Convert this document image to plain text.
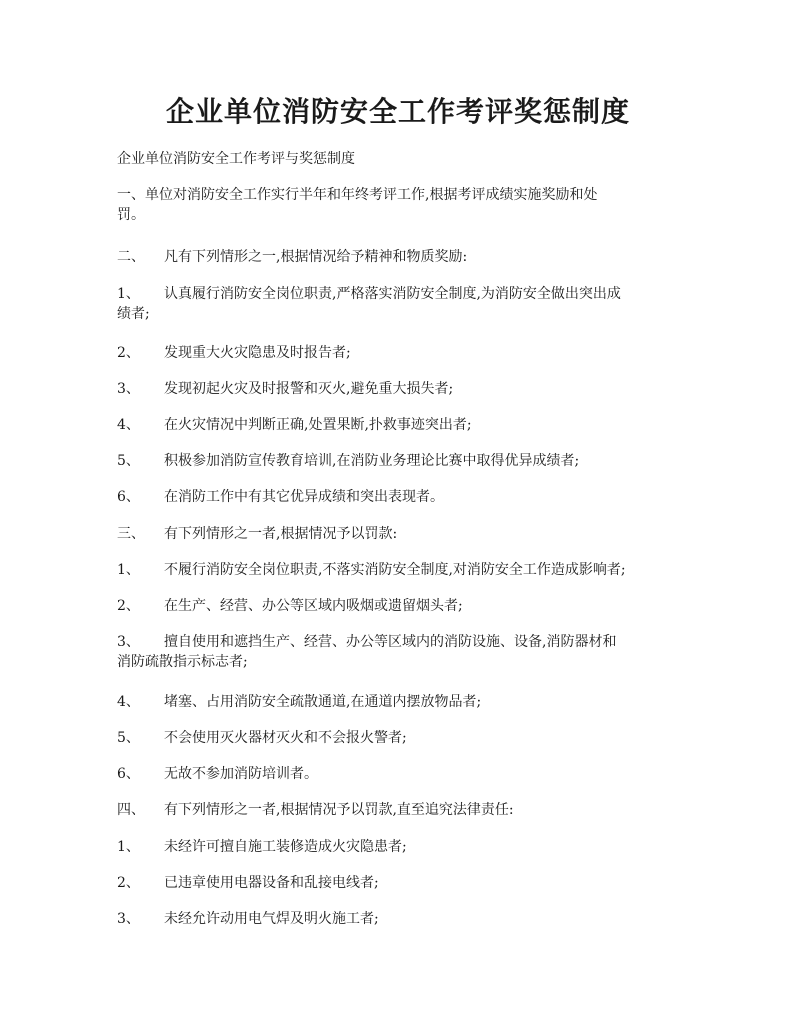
企业单位消防安全工作考评奖惩制度
企业单位消防安全工作考评与奖惩制度
一、单位对消防安全工作实行半年和年终考评工作,根据考评成绩实施奖励和处
罚。
二、 凡有下列情形之一,根据情况给予精神和物质奖励:
1、 认真履行消防安全岗位职责,严格落实消防安全制度,为消防安全做出突出成
绩者;
2、 发现重大火灾隐患及时报告者;
3、 发现初起火灾及时报警和灭火,避免重大损失者;
4、 在火灾情况中判断正确,处置果断,扑救事迹突出者;
5、 积极参加消防宣传教育培训,在消防业务理论比赛中取得优异成绩者;
6、 在消防工作中有其它优异成绩和突出表现者。
三、 有下列情形之一者,根据情况予以罚款:
1、 不履行消防安全岗位职责,不落实消防安全制度,对消防安全工作造成影响者;
2、 在生产、经营、办公等区域内吸烟或遗留烟头者;
3、 擅自使用和遮挡生产、经营、办公等区域内的消防设施、设备,消防器材和
消防疏散指示标志者;
4、 堵塞、占用消防安全疏散通道,在通道内摆放物品者;
5、 不会使用灭火器材灭火和不会报火警者;
6、 无故不参加消防培训者。
四、 有下列情形之一者,根据情况予以罚款,直至追究法律责任:
1、 未经许可擅自施工装修造成火灾隐患者;
2、 已违章使用电器设备和乱接电线者;
3、 未经允许动用电气焊及明火施工者;
